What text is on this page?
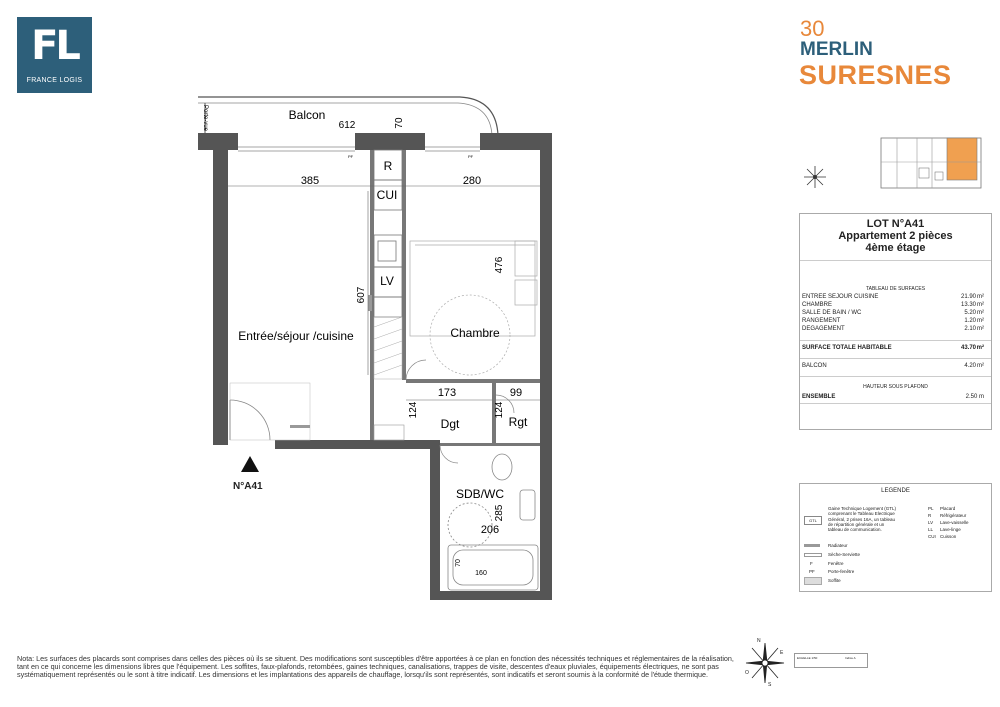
FL
FRANCE LOGIS
30
MERLIN
SURESNES
Balcon
Entrée/séjour /cuisine	Chambre
Dgt	Rgt
SDB/WC
R
CUI
LV
Porte-vue	612	70
385	280
476
607
173	99
124	124
285
206
160
70
PF	PF
N°A41
LOT N°A41
Appartement 2 pièces
4ème étage
TABLEAU DE SURFACES
ENTREE SEJOUR CUISINE	21.90 m²
CHAMBRE	13.30 m²
SALLE DE BAIN / WC	5.20 m²
RANGEMENT	1.20 m²
DEGAGEMENT	2.10 m²
SURFACE TOTALE HABITABLE	43.70 m²
BALCON	4.20 m²
HAUTEUR SOUS PLAFOND
ENSEMBLE	2.50 m
LEGENDE
GTL
Gaine Technique Logement (GTL) comprenant le Tableau Electrique Général, 2 prises 16A, un tableau de répartition générale et un tableau de communication.
PL Placard
R Réfrigérateur
LV Lave-vaisselle
LL Lave-linge
CUI Cuisson
Radiateur
Sèche-Serviette
F	Fenêtre
PF	Porte-fenêtre
Soffite
N
S
O
E
ECHELLE 1/50	Indice A
Nota: Les surfaces des placards sont comprises dans celles des pièces où ils se situent. Des modifications sont susceptibles d'être apportées à ce plan en fonction des nécessités techniques et réglementaires de la réalisation, tant en ce qui concerne les dimensions libres que l'équipement. Les soffites, faux-plafonds, retombées, gaines techniques, canalisations, trappes de visite, descentes d'eaux pluviales, équipements électriques, ne sont pas systématiquement représentés ou le sont à titre indicatif. Les dimensions et les implantations des appareils de chauffage, lorsqu'ils sont représentés, sont indicatifs et seront soumis à la conformité de l'étude thermique.
